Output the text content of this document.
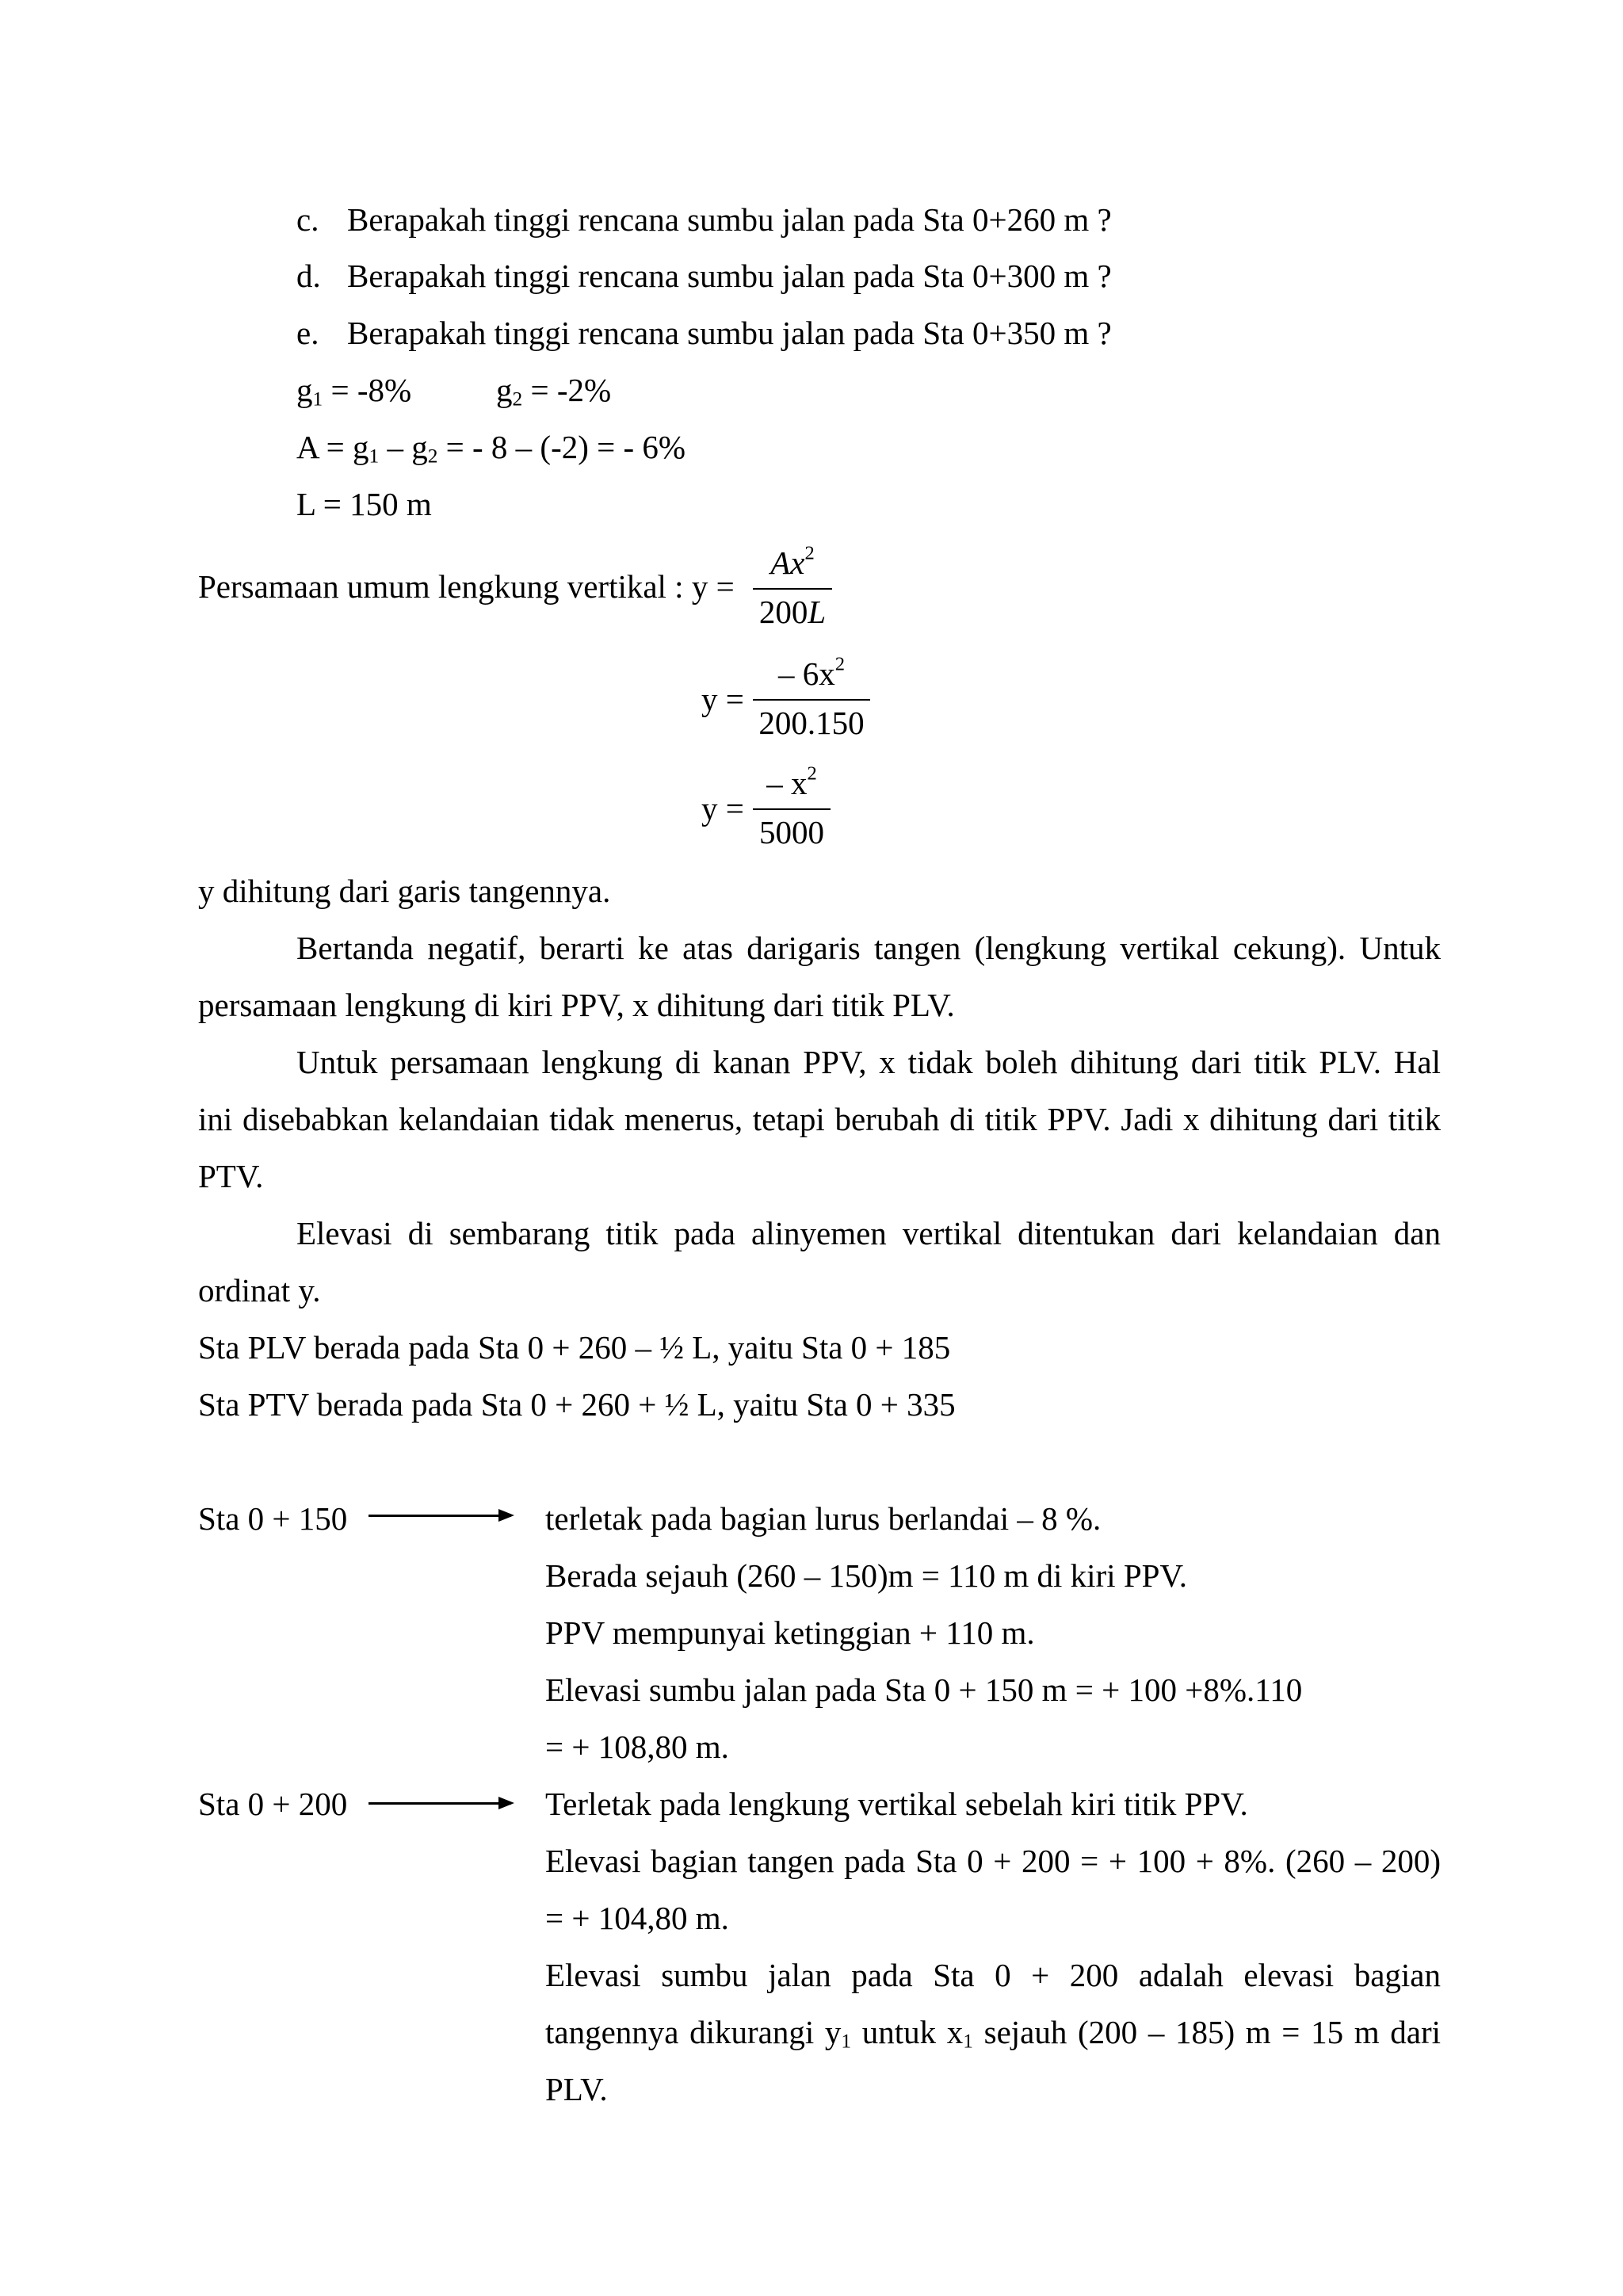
c. Berapakah tinggi rencana sumbu jalan pada Sta 0+260 m ?
d. Berapakah tinggi rencana sumbu jalan pada Sta 0+300 m ?
e. Berapakah tinggi rencana sumbu jalan pada Sta 0+350 m ?
$g_1 = -8\%$	$g_2 = -2\%$
$A = g_1 - g_2$ = - 8 – (-2) = - 6%
L = 150 m
Persamaan umum lengkung vertikal : y =
$Ax^2$
200L
y =
– $6x^2$
200.150
y =
– $x^2$
5000
y dihitung dari garis tangennya.
Bertanda negatif, berarti ke atas darigaris tangen (lengkung vertikal cekung). Untuk
persamaan lengkung di kiri PPV, x dihitung dari titik PLV.
Untuk persamaan lengkung di kanan PPV, x tidak boleh dihitung dari titik PLV. Hal
ini disebabkan kelandaian tidak menerus, tetapi berubah di titik PPV. Jadi x dihitung dari titik
PTV.
Elevasi di sembarang titik pada alinyemen vertikal ditentukan dari kelandaian dan
ordinat y.
Sta PLV berada pada Sta 0 + 260 – ½ L, yaitu Sta 0 + 185
Sta PTV berada pada Sta 0 + 260 + ½ L, yaitu Sta 0 + 335
Sta 0 + 150	terletak pada bagian lurus berlandai – 8 %.
Berada sejauh (260 – 150)m = 110 m di kiri PPV.
PPV mempunyai ketinggian + 110 m.
Elevasi sumbu jalan pada Sta 0 + 150 m = + 100 +8%.110
= + 108,80 m.
Sta 0 + 200	Terletak pada lengkung vertikal sebelah kiri titik PPV.
Elevasi bagian tangen pada Sta 0 + 200 = + 100 + 8%. (260 – 200)
= + 104,80 m.
Elevasi sumbu jalan pada Sta 0 + 200 adalah elevasi bagian
tangennya dikurangi $y_1$ untuk $x_1$ sejauh (200 – 185) m = 15 m dari
PLV.
